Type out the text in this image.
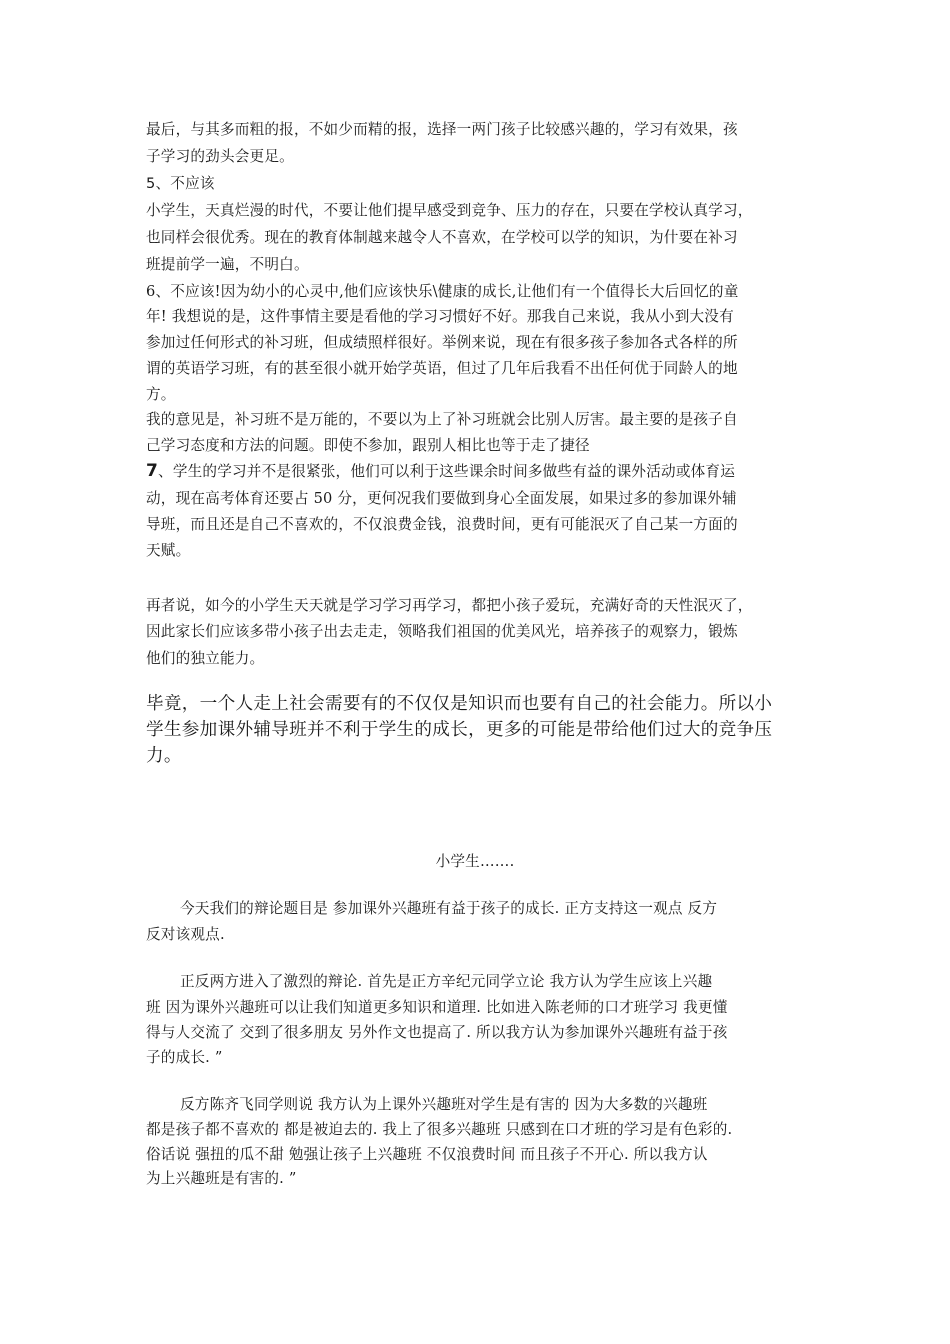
最后，与其多而粗的报，不如少而精的报，选择一两门孩子比较感兴趣的，学习有效果，孩
子学习的劲头会更足。
5、不应该
小学生，天真烂漫的时代，不要让他们提早感受到竞争、压力的存在，只要在学校认真学习，
也同样会很优秀。现在的教育体制越来越令人不喜欢，在学校可以学的知识，为什要在补习
班提前学一遍，不明白。
6、不应该!因为幼小的心灵中,他们应该快乐\健康的成长,让他们有一个值得长大后回忆的童
年! 我想说的是，这件事情主要是看他的学习习惯好不好。那我自己来说，我从小到大没有
参加过任何形式的补习班，但成绩照样很好。举例来说，现在有很多孩子参加各式各样的所
谓的英语学习班，有的甚至很小就开始学英语，但过了几年后我看不出任何优于同龄人的地
方。
我的意见是，补习班不是万能的，不要以为上了补习班就会比别人厉害。最主要的是孩子自
己学习态度和方法的问题。即使不参加，跟别人相比也等于走了捷径
7、学生的学习并不是很紧张，他们可以利于这些课余时间多做些有益的课外活动或体育运
动，现在高考体育还要占 50 分，更何况我们要做到身心全面发展，如果过多的参加课外辅
导班，而且还是自己不喜欢的，不仅浪费金钱，浪费时间，更有可能泯灭了自己某一方面的
天赋。
再者说，如今的小学生天天就是学习学习再学习，都把小孩子爱玩，充满好奇的天性泯灭了，
因此家长们应该多带小孩子出去走走，领略我们祖国的优美风光，培养孩子的观察力，锻炼
他们的独立能力。
毕竟，一个人走上社会需要有的不仅仅是知识而也要有自己的社会能力。所以小
学生参加课外辅导班并不利于学生的成长，更多的可能是带给他们过大的竞争压
力。
小学生…….
今天我们的辩论题目是 参加课外兴趣班有益于孩子的成长. 正方支持这一观点 反方
反对该观点.
正反两方进入了激烈的辩论. 首先是正方辛纪元同学立论 我方认为学生应该上兴趣
班 因为课外兴趣班可以让我们知道更多知识和道理. 比如进入陈老师的口才班学习 我更懂
得与人交流了 交到了很多朋友 另外作文也提高了. 所以我方认为参加课外兴趣班有益于孩
子的成长. ”
反方陈齐飞同学则说 我方认为上课外兴趣班对学生是有害的 因为大多数的兴趣班
都是孩子都不喜欢的 都是被迫去的. 我上了很多兴趣班 只感到在口才班的学习是有色彩的.
俗话说 强扭的瓜不甜 勉强让孩子上兴趣班 不仅浪费时间 而且孩子不开心. 所以我方认
为上兴趣班是有害的. ”
